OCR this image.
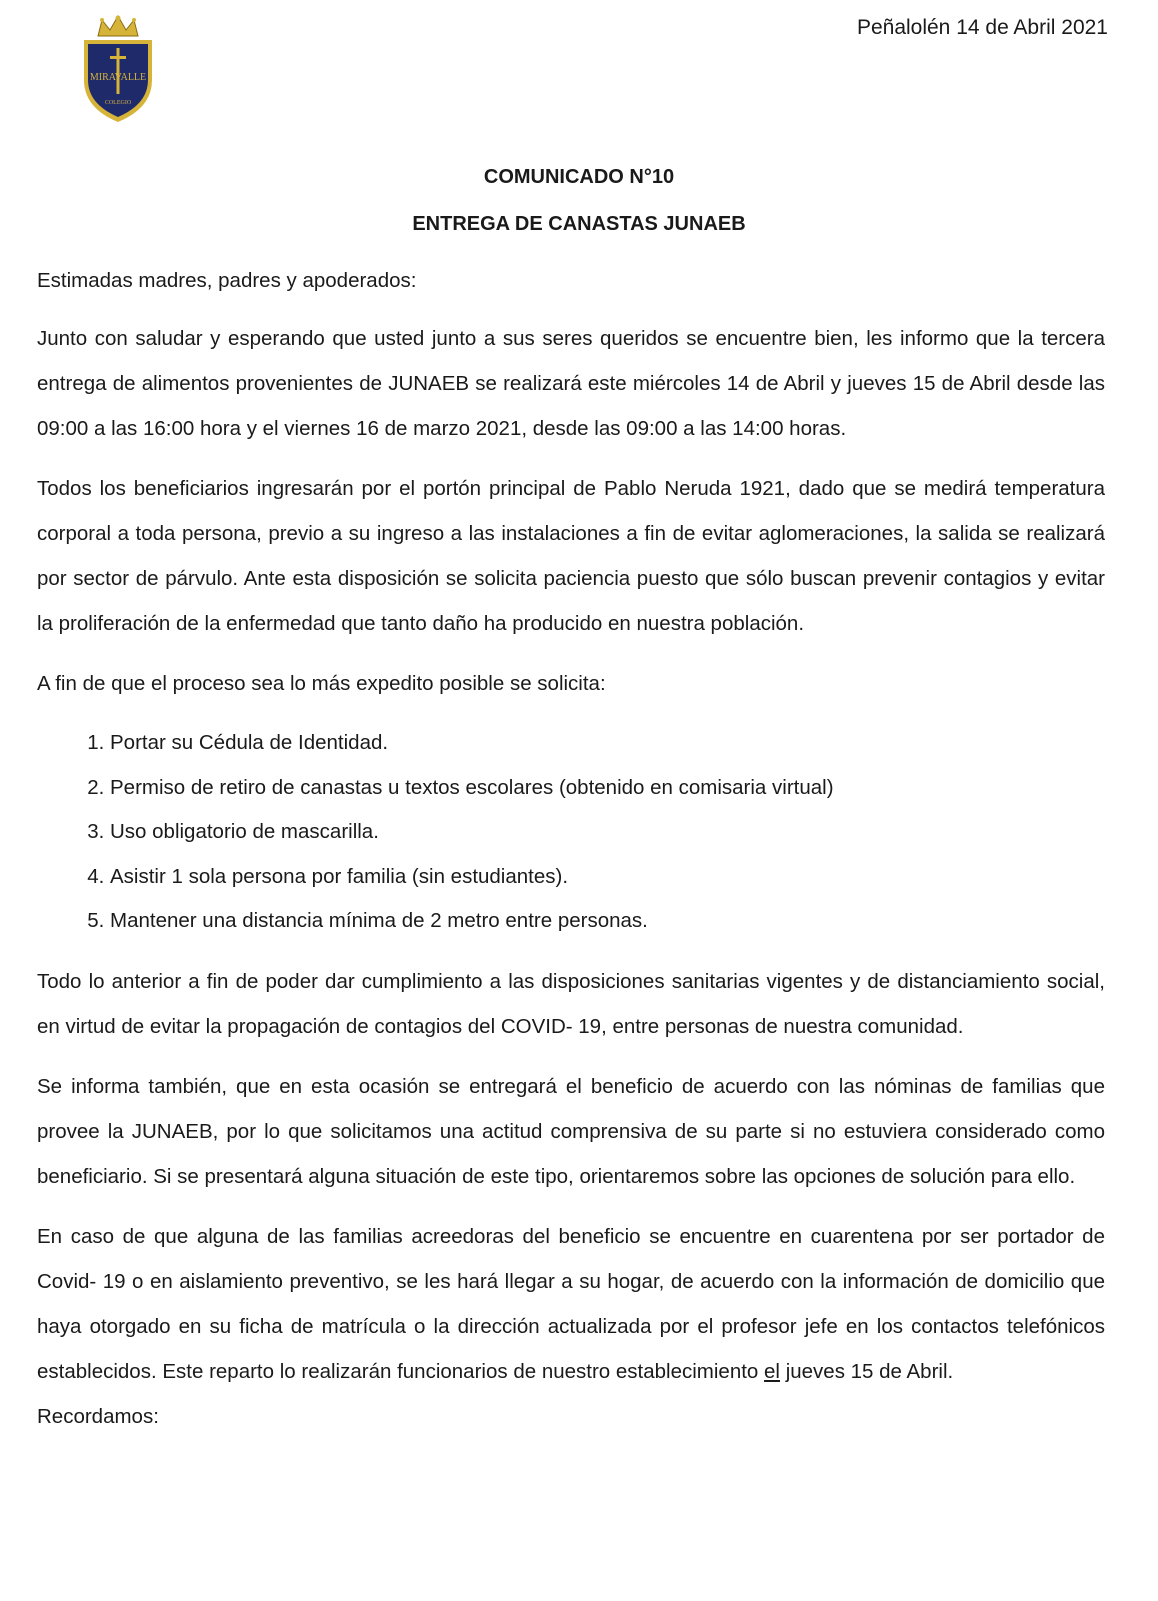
MIRAVALLE
COLEGIO
Peñalolén 14 de Abril 2021
COMUNICADO N°10
ENTREGA DE CANASTAS JUNAEB

Estimadas madres, padres y apoderados:

Junto con saludar y esperando que usted junto a sus seres queridos se encuentre bien, les informo que la tercera entrega de alimentos provenientes de JUNAEB se realizará este miércoles 14 de Abril y jueves 15 de Abril desde las 09:00 a las 16:00 hora y el viernes 16 de marzo 2021, desde las 09:00 a las 14:00 horas.

Todos los beneficiarios ingresarán por el portón principal de Pablo Neruda 1921, dado que se medirá temperatura corporal a toda persona, previo a su ingreso a las instalaciones a fin de evitar aglomeraciones, la salida se realizará por sector de párvulo. Ante esta disposición se solicita paciencia puesto que sólo buscan prevenir contagios y evitar la proliferación de la enfermedad que tanto daño ha producido en nuestra población.

A fin de que el proceso sea lo más expedito posible se solicita:

1. Portar su Cédula de Identidad.
2. Permiso de retiro de canastas u textos escolares (obtenido en comisaria virtual)
3. Uso obligatorio de mascarilla.
4. Asistir 1 sola persona por familia (sin estudiantes).
5. Mantener una distancia mínima de 2 metro entre personas.

Todo lo anterior a fin de poder dar cumplimiento a las disposiciones sanitarias vigentes y de distanciamiento social, en virtud de evitar la propagación de contagios del COVID- 19, entre personas de nuestra comunidad.

Se informa también, que en esta ocasión se entregará el beneficio de acuerdo con las nóminas de familias que provee la JUNAEB, por lo que solicitamos una actitud comprensiva de su parte si no estuviera considerado como beneficiario. Si se presentará alguna situación de este tipo, orientaremos sobre las opciones de solución para ello.

En caso de que alguna de las familias acreedoras del beneficio se encuentre en cuarentena por ser portador de Covid- 19 o en aislamiento preventivo, se les hará llegar a su hogar, de acuerdo con la información de domicilio que haya otorgado en su ficha de matrícula o la dirección actualizada por el profesor jefe en los contactos telefónicos establecidos. Este reparto lo realizarán funcionarios de nuestro establecimiento el jueves 15 de Abril.

Recordamos:
